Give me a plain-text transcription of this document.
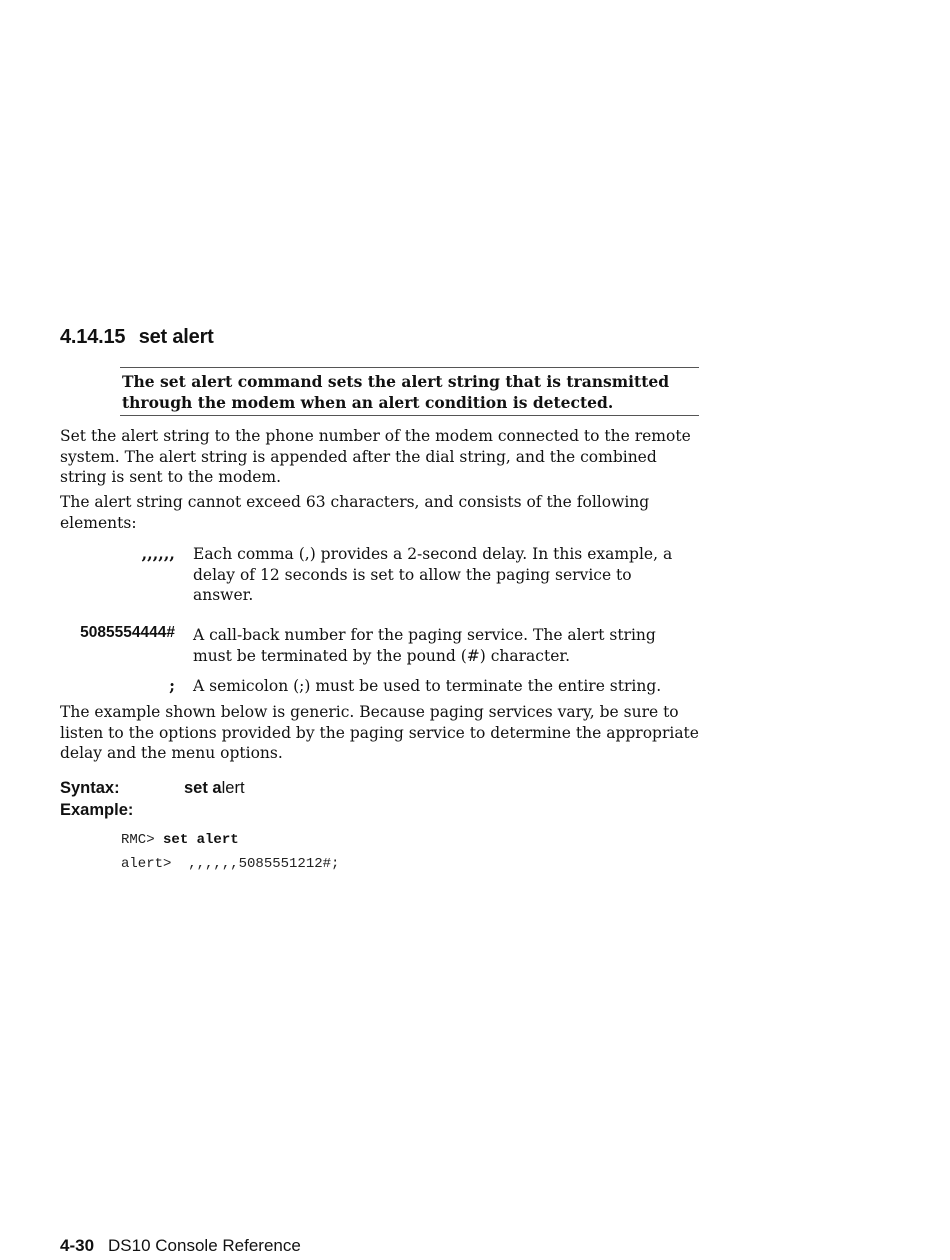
4.14.15 set alert
The set alert command sets the alert string that is transmitted through the modem when an alert condition is detected.
Set the alert string to the phone number of the modem connected to the remote system. The alert string is appended after the dial string, and the combined string is sent to the modem.
The alert string cannot exceed 63 characters, and consists of the following elements:
,,,,,, Each comma (,) provides a 2-second delay. In this example, a delay of 12 seconds is set to allow the paging service to answer.
5085554444# A call-back number for the paging service. The alert string must be terminated by the pound (#) character.
; A semicolon (;) must be used to terminate the entire string.
The example shown below is generic. Because paging services vary, be sure to listen to the options provided by the paging service to determine the appropriate delay and the menu options.
Syntax:	set alert
Example:
RMC> set alert
alert>  ,,,,,,5085551212#;
4-30 DS10 Console Reference
